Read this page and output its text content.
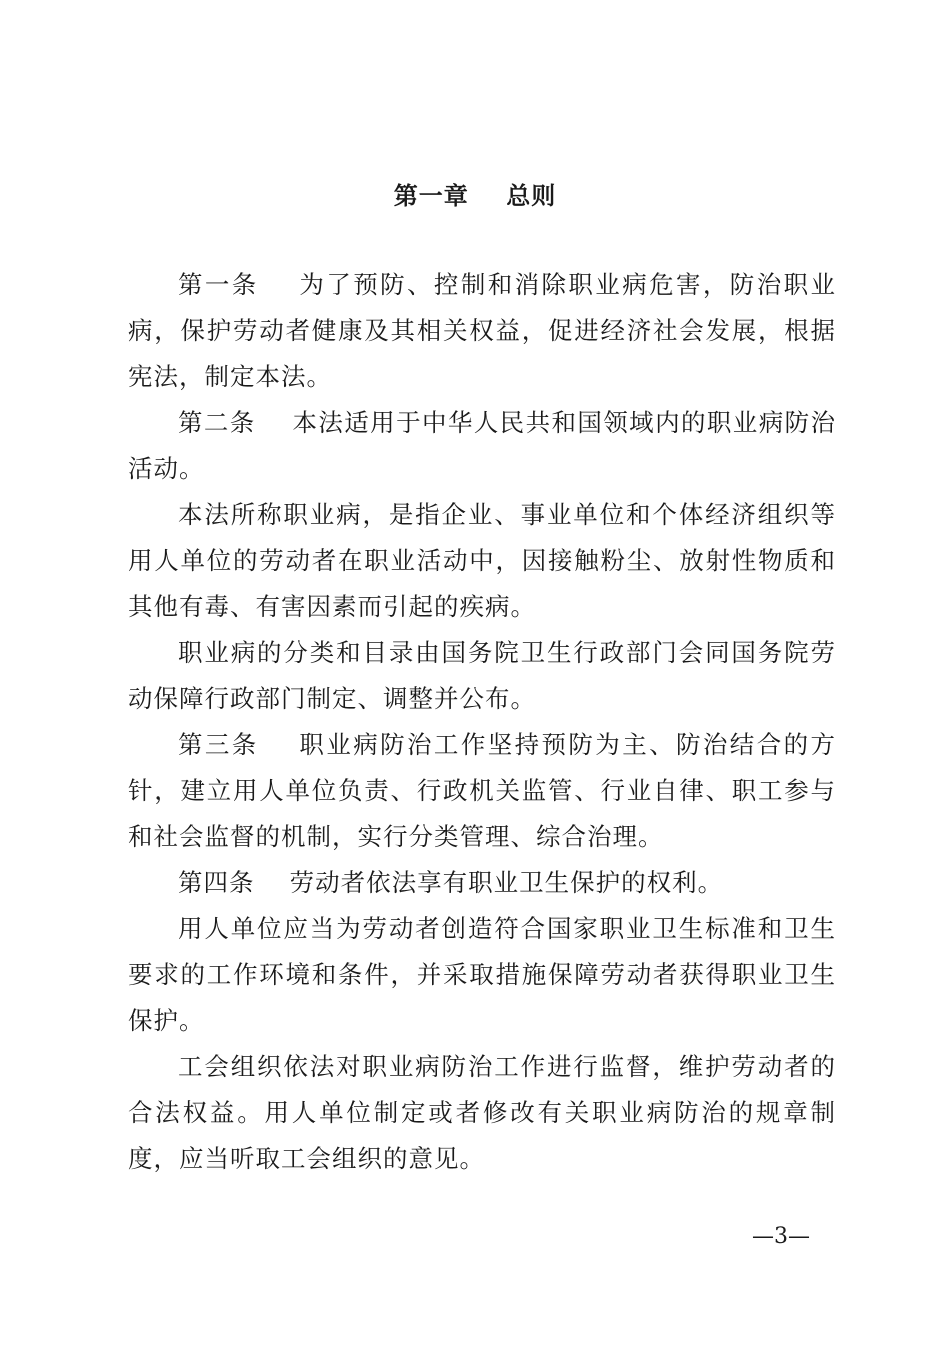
第一章    总则

第一条    为了预防、控制和消除职业病危害，防治职业病，保护劳动者健康及其相关权益，促进经济社会发展，根据宪法，制定本法。

第二条    本法适用于中华人民共和国领域内的职业病防治活动。

本法所称职业病，是指企业、事业单位和个体经济组织等用人单位的劳动者在职业活动中，因接触粉尘、放射性物质和其他有毒、有害因素而引起的疾病。

职业病的分类和目录由国务院卫生行政部门会同国务院劳动保障行政部门制定、调整并公布。

第三条    职业病防治工作坚持预防为主、防治结合的方针，建立用人单位负责、行政机关监管、行业自律、职工参与和社会监督的机制，实行分类管理、综合治理。

第四条    劳动者依法享有职业卫生保护的权利。

用人单位应当为劳动者创造符合国家职业卫生标准和卫生要求的工作环境和条件，并采取措施保障劳动者获得职业卫生保护。

工会组织依法对职业病防治工作进行监督，维护劳动者的合法权益。用人单位制定或者修改有关职业病防治的规章制度，应当听取工会组织的意见。

—3—
